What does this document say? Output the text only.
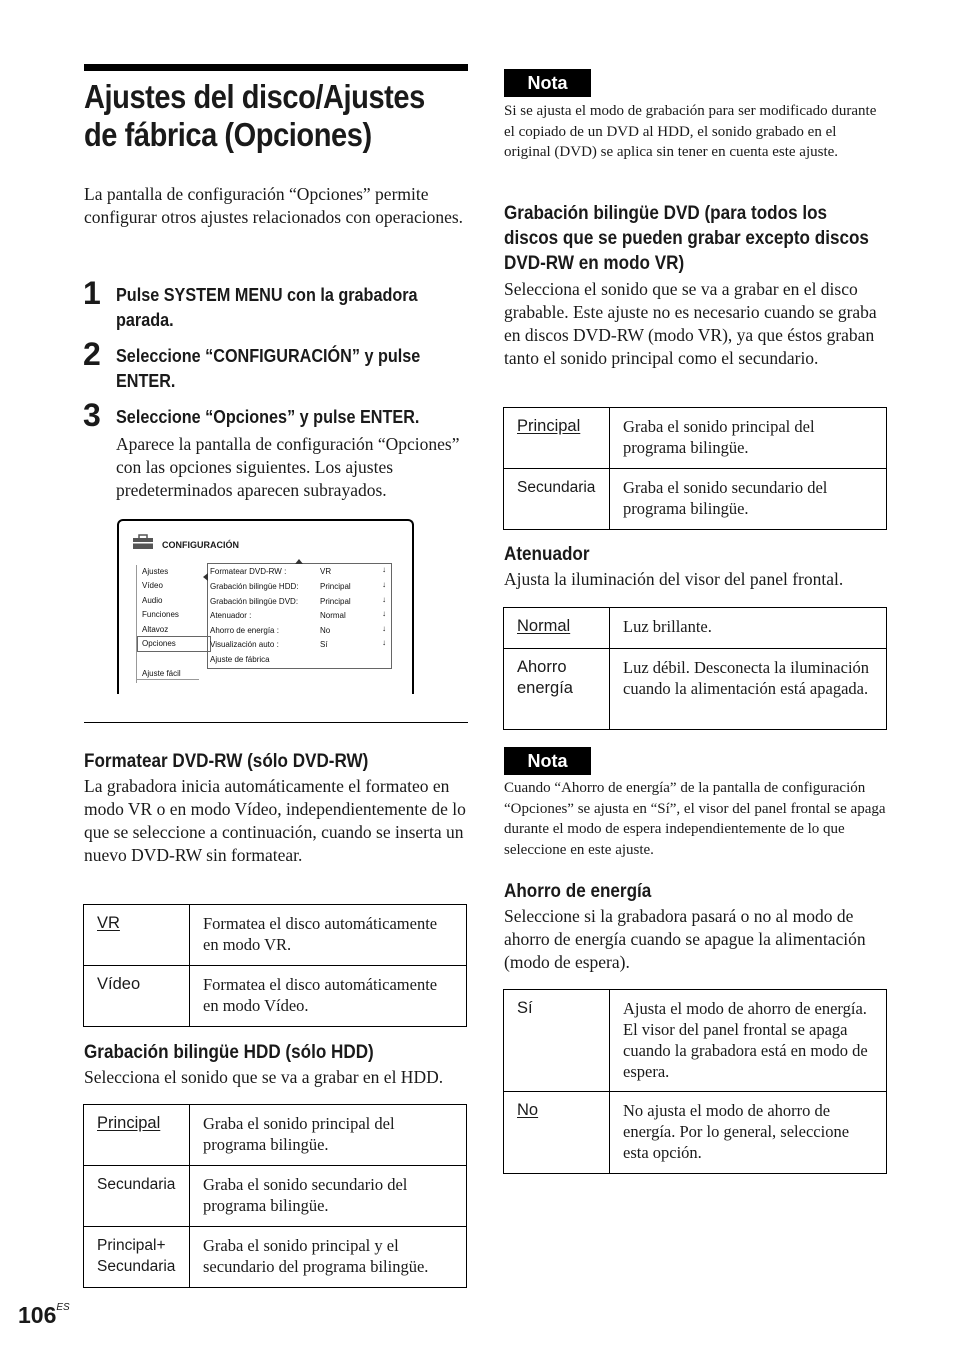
Ajustes del disco/Ajustes de fábrica (Opciones)
La pantalla de configuración “Opciones” permite configurar otros ajustes relacionados con operaciones.
1 Pulse SYSTEM MENU con la grabadora parada.
2 Seleccione “CONFIGURACIÓN” y pulse ENTER.
3 Seleccione “Opciones” y pulse ENTER.
Aparece la pantalla de configuración “Opciones” con las opciones siguientes. Los ajustes predeterminados aparecen subrayados.
CONFIGURACIÓN
Ajustes
Vídeo
Audio
Funciones
Altavoz
Opciones
Ajuste fácil
Formatear DVD-RW :	VR
Grabación bilingüe HDD:	Principal
Grabación bilingüe DVD:	Principal
Atenuador :	Normal
Ahorro de energía :	No
Visualización auto :	Sí
Ajuste de fábrica
↓
↓
↓
↓
↓
↓
Formatear DVD-RW (sólo DVD-RW)
La grabadora inicia automáticamente el formateo en modo VR o en modo Vídeo, independientemente de lo que se seleccione a continuación, cuando se inserta un nuevo DVD-RW sin formatear.
VR	Formatea el disco automáticamente en modo VR.
Vídeo	Formatea el disco automáticamente en modo Vídeo.
Grabación bilingüe HDD (sólo HDD)
Selecciona el sonido que se va a grabar en el HDD.
Principal	Graba el sonido principal del programa bilingüe.
Secundaria	Graba el sonido secundario del programa bilingüe.
Principal+ Secundaria	Graba el sonido principal y el secundario del programa bilingüe.
$106^{ES}$
Nota
Si se ajusta el modo de grabación para ser modificado durante el copiado de un DVD al HDD, el sonido grabado en el original (DVD) se aplica sin tener en cuenta este ajuste.
Grabación bilingüe DVD (para todos los discos que se pueden grabar excepto discos DVD-RW en modo VR)
Selecciona el sonido que se va a grabar en el disco grabable. Este ajuste no es necesario cuando se graba en discos DVD-RW (modo VR), ya que éstos graban tanto el sonido principal como el secundario.
Principal	Graba el sonido principal del programa bilingüe.
Secundaria	Graba el sonido secundario del programa bilingüe.
Atenuador
Ajusta la iluminación del visor del panel frontal.
Normal	Luz brillante.
Ahorro energía	Luz débil. Desconecta la iluminación cuando la alimentación está apagada.
Nota
Cuando “Ahorro de energía” de la pantalla de configuración “Opciones” se ajusta en “Sí”, el visor del panel frontal se apaga durante el modo de espera independientemente de lo que seleccione en este ajuste.
Ahorro de energía
Seleccione si la grabadora pasará o no al modo de ahorro de energía cuando se apague la alimentación (modo de espera).
Sí	Ajusta el modo de ahorro de energía. El visor del panel frontal se apaga cuando la grabadora está en modo de espera.
No	No ajusta el modo de ahorro de energía. Por lo general, seleccione esta opción.
